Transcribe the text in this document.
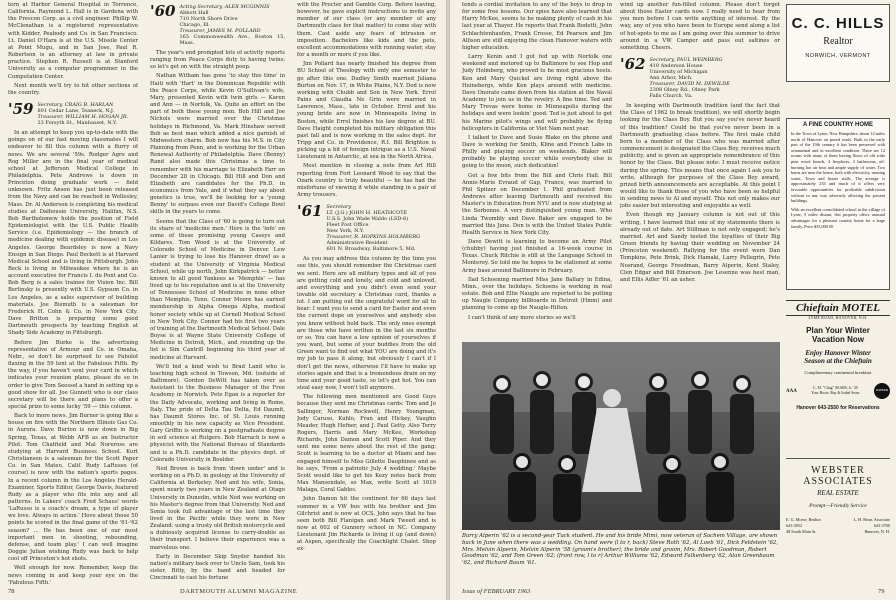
tern at Harbor General Hospital in Torrence, California. Raymond L. Hall is in Gardena with the Prescon Corp. as a civil engineer. Phillip W. McClenathan is a registered representative with Kidder, Peabody and Co. in San Francisco. Lt. Daniel O'Hara is at the U.S. Missile Center at Point Mugu, and in San Jose, Paul R. Robertson is an attorney at law in private practice. Stephen R. Russell is at Stanford University as a computer programmer in the Computation Center.

Next month we'll try to hit other sections of the country.

'59 Secretary, CRAIG B. HARLAN
801 Cedar Lane, Teaneck, N.J.
Treasurer, WILLIAM H. HOGAN JR.
23 Forsyth St., Manhasset, N.Y.

In an attempt to keep you up-to-date with the goings on of our fast moving classmates I will endeavor to fill this column with a flurry of news. We are several '59s. Rodger Agro and Rog Miller are in the final year of medical school at Jefferson Medical College in Philadelphia. Pete Andrews is down in Princeton doing graduate work — field unknown. Fritz Anson has just been released from the Navy and can be reached in Wellesley, Mass. Dr. Al Anderson is completing his medical studies at Dalhousie University, Halifax, N.S. Bob Bartholomew holds the position of Field Epidemiologist with the U.S. Public Health Service (i.e. Epidemiology — the branch of medicine dealing with epidemic disease) in Los Angeles. George Beardsley is now a Navy Ensign in San Diego. Paul Beckett is at Harvard Medical School and is living in Pittsburgh. John Beck is living in Milwaukee where he is an account executive for Francis I. du Pont and Co. Bob Berg is a sales trainee for Vision Inc. Bill Berlinsky is presently with U.S. Gypsum Co. in Los Angeles, as a sales supervisor of building materials. Joe Bismuth is a salesman for Frederick H. Cohn & Co. in New York City. Dave Britton is preparing some good Dartmouth prospects by teaching English at Shady Side Academy in Pittsburgh.

Before Jim Burke is the advertising representative of Armour and Co. in Omaha, Nebr., so don't be surprised to see Fabulof flaxing in the 59 tent at the Fabulous Fifth. By the way, if you haven't sent your card in which indicates your reunion plans, please do so in order to give Tom Seessel a hand in setting up a good show for all. Joe Gunnett who is our class secretary will be there and plans to offer a special prize to some lucky '59 — this column.

Back to more news. Jim Burner is going like a house on fire with the Northern Illinois Gas Co. in Aurora. Dave Burton is now down in Big Spring, Texas, at Webb AFB as an Instructor Pilot. Tom Chatfield and Mal Noreross are studying at Harvard Business School. Kurt Christiansen is a salesman for the Scott Paper Co. in San Mateo, Calif. Rudy LaRusso (of course) is now with the nation's sports pages. In a recent column in the Los Angeles Herald-Examiner, Sports Editor, George Davis, featured Rudy as a player who fits into any and all patterns. In Lakers' coach Fred Schaus' words 'LaRusso is a coach's dream, a type of player we love. Always in action.' Hove about those 50 points he scored in the final game of the '61-'62 season? ... He has been one of our most important men in shooting, rebounding, defense, and team play.' I can well imagine Doggie Julian wishing Rudy was back to help cool off Princeton's hot shots.

Well enough for now. Remember, keep the news coming in and keep your eye on the 'Fabulous Fifth.'

'60 Acting Secretary, ALEX MCGINNIS
Abbott Hall
710 North Shore Drive
Chicago, Ill.
Treasurer, JAMES M. POLLARD
165 Commonwealth Ave., Boston 15, Mass.

The year's end prompted lots of activity reports ranging from Peace Corps duty to having twins; so let's get on with the straight poop.

Nathan Witham has gone 'to stay this time' in Haiti with 'Hart' in the Dominican Republic with the Peace Corps, while Kevin O'Sullivan's wife, Mary, presented Kevin with twin girls — Karen and Ann — in Norfolk, Va. Quite an effort on the part of both these young men. Bob Hill and Joe Nichols were married over the Christmas holidays in Richmond, Va. Mark Hinshaw served Bob as best man which added a nice garnish of Midwestern charm. Bob now has his M.S. in City Planning from Penn, and is working for the Urban Renewal Authority of Philadelphia. Dave (Benny) Rand also made this Christmas a time to remember with his marriage to Elizabeth Farr on December 28 in Chicago. Bill Hill and Don and Elizabeth are candidates for the Ph.D. in economics from Yale, and if what they say about genetics is true, we'll be looking for a 'young Benny' to surpass even our David's College Bowl skills in the years to come.

Seems that the Class of '60 is going to turn out its share of 'medicine men.' Here is the 'info' on some of these promising young Caseys and Kildares. Tom Wood is at the University of Colorado School of Medicine in Denver. Lew Lanier is trying to lose his Hanover drawl as a student at the University of Virginia Medical School, while up north, John Kirkpatrick — better known to all good Yankees as 'Memphis' — has lived up to his reputation and is at the University of Tennessee School of Medicine in none other than Memphis, Tenn. Conner Moore has earned membership in Alpha Omega Alpha, medical honor society while up at Cornell Medical School in New York City. Conner had his first two years of training at the Dartmouth Medical School. Dale Boyse is at Wayne State University College of Medicine in Detroit, Mich., and rounding up the list is Sim Cantrill beginning his third year of medicine at Harvard.

We'll bid a kind wish to Brad Land who is teaching high school in Towson, Md. (outside of Baltimore). Gordon DeWitt has taken over as Assistant to the Business Manager of the Free Academy in Norwich. Pete Egan is a reporter for the Daily Advocate, working and living in Rome, Italy. The pride of Delta Tau Delta, Ed Daumit, has Daumit Stores Inc. of St. Louis running smoothly in his new capacity as Vice President. Gary Griffin is working on a postgraduate degree in soil science at Rutgers. Bob Harrach is now a physicist with the National Bureau of Standards and is a Ph.D. candidate in the physics dept. of Colorado University in Boulder.

Ned Brown is back from 'down under' and is working on a Ph.D. in geology at the University of California at Berkeley. Ned and his wife, Sonia, spent nearly two years in New Zealand at Otago University in Dunedin, while Ned was working on his Master's degree from that University. Ned and Sonia took full advantage of the last time they lived in the Pacific while they were in New Zealand: using a trusty old British motorcycle and a dubiously acquired license to carry-double as their transport. I believe their experience was a marvelous one.

Early in December Skip Snyder handed his nation's military back over to Uncle Sam, took his sister, Bitty, by the hand and headed for Cincinnati to cast his fortune

with the Procter and Gamble Corp. Before leaving, however, he gave explicit instructions to invite any member of our class (or any member of any Dartmouth class for that matter) to come stay with them. Cast aside any fears of intrusion or imposition. Bachelors like kids and the pets, excellent accommodations with running water, stay for a month or more if you like.

Jim Pollard has nearly finished his degree from BU School of Theology with only one semester to go after this one. Dudley Smith married Juliana Burton on Nov. 17, in White Plains, N.Y. Dod is now working with Chubb and Son in New York. Errol Pains and Claudia Ne Grin were married in Lawrence, Mass., late in October. Errol and his young bride are now in Minneapolis living in Boston, while Errol finishes his law degree at BU. Dave Haight completed his military obligation this past fall and is now working in the sales dept. for Tripp and Co. in Providence, R.I. Bill Brighton is picking up a bit of foreign intrigue as a U.S. Naval Lieutenant in Antarctic, at sea in the North Africa.

Most mention in closing a note from Art Hill reporting from Fort Leonard Wood to say that the Ozark country is truly beautiful — he has had the misfortune of viewing it while standing in a pair of Army trousers.

'61 Secretary
LT. (J.G.) JOHN H. HEATHCOTE
U.S.S. John Wade Waldo (LSD-6)
Fleet Post Office
New York, N.Y.
Treasurer, R. HOPKINS HOLMBERG
Administrative Resident
601 N. Broadway, Baltimore 5, Md.

As you may address this column by the time you see this, you should remember the Christmas card we sent. Here are all military types and all of you are getting cold and lonely, and cold and unloved, and everything and you didn't even send your lovable old secretary a Christmas card, thanks a lot. I am putting out the ungrateful word for all to hear: I want you to send a card for Easter and even the current dope on yourselves and anybody else you know without hold back. The only ones exempt are those who have written in the last six months or so. You can have a low opinion of yourselves if you want, but some of your buddies from the old Green want to find out what YOU are doing and it's my job to pass it along, but obviously I can't if I don't get the news, otherwise I'll have to make up stories again and that is a tremendous drain on my time and your good taste, so let's get hot. You can steal easy now, I won't tell anymore.

The following men mentioned are Good Guys because they sent me Christmas cards: Tom and Jo Sallinger, Norman Rockwell, Henry Youngman, Jody Caruso, Kuhlo, Fran and Hickey, Vaughn Meader, Hugh Hefner, and J. Paul Getty. Also Terry Rogers, Harris and Mary McKee, Workshop Richards, John Damon and Scott Piper. And they sent me some news about the rest of the gang: Scott is learning to be a doctor at Miami and has engaged himself to Miss Gillette Dauphinee and as he says, 'From a patriotic July 4 wedding.' Maybe Scott would like to get his Kezy notes back from Max Mansendale, so Max, write Scott at 1019 Malaga, Coral Gables.

John Damon hit the continent for 66 days last summer in a VW bus with his brother and Jim Gilchrist and is now at OCS. John says that he has seen both Bill Flanigan and Mark Tweed and is now at 602 of Gunnery school in NC. Company Lieutenant Jim Richards is living it up (and down) at Aspen, specifically the Coachlight Chalet. Shop ex-

78	DARTMOUTH ALUMNI MAGAZINE

tends a cordial invitation to any of the boys to drop in for some free lessons. Our spies have also learned that Harry McKee, seems to be making plenty of cash in his last year at Thayer. He reports that Frank Bodetti, John Schlachtenhaufen, Frank Crosse, Ed Pearson and Jim Allison are still enjoying the clean Hanover waters with higher education.

Larry Kenin and I got fed up with Norfolk one weekend and motored up to Baltimore to see Hop and Judy Holmberg, who proved to be most gracious hosts. Ken and Mary Quickel are living right above the Heinebergs, while Ken plays around with medicine. Dave Onorato came down from his station at the Naval Academy to join us in the revelry. A fine time. Ted and Mary Trevas were home in Minneapolis during the holidays and were lookin' good. Ted is just about to get his Marine pilot's wings and will probably be flying helicopters in California or Viet Nam next year.

I talked to Dave and Susie Blake on the phone and Dave is working for Smith, Kline and French Labs in Philly and playing soccer on weekends. Blaker will probably be playing soccer while everybody else is going to the moon, such dedication!

Got a few bits from the Bill and Chris Hall. Bill Annie-Marie Evraud of Gap, France, was married to Phil Spitzer on December 1. Phil graduated from Andrews after leaving Dartmouth and received his Master's in Education from NYU and is now studying at the Sorbonne. A very distinguished young man. Who Linda Twombly and Dave Baker are engaged to be married this June. Don is with the United States Public Health Service in New York City.

Dave Dewitt is learning to become an Army Pilot (chubby) having just finished a 16-week course in Texas. Chuck Ritchie is still at the Language School in Monterey. So told me he hopes to be stationed at some Army base around Baltimore in February.

Ilad Schoening married Miss Jane Ballary in Edina, Minn., over the holidays. Schoens is working in real estate. Bob and Ellie Naugle are reported to be putting up Naugle Company billboards in Detroit (Hmm) and planning to come up the Naugle-Hilton.

I can't think of any more stories so we'll

wind up another fun-filled column. Please don't forget about those Easter cards now. I really need to hear from you men before I can write anything of interest. By the way, any of you who have been to Europe send along a list of hot-spots to me as I am going over this summer to drive around in a VW Camper and pass out saltines or something. Cheers.

'62 Secretary, PAUL WEINBERG
410 Anderson House
University of Michigan
Ann Arbor, Mich.
Treasurer, DAVID M. DEWILDE
2308 Olney Rd., Olney Park
Falls Church, Va.

In keeping with Dartmouth tradition (and the fact that the Class of 1962 to break tradition), we will shortly begin looking for the Class Boy. But you say you've never heard of this tradition? Could be that you've never been in a Dartmouth graduating class before. The first male child born to a member of the Class who was married after commencement is designated the Class Boy, receives much publicity, and is given an appropriate remembrance of this honor by the Class. But please note: I must receive notice during the spring. This means that once again I ask you to write, although for purposes of the Class Boy award, prized birth announcements are acceptable. At this point I would like to thank those of you who have been so helpful in sending news to Al and myself. This not only makes our jobs easier but interesting and enjoyable as well.

Even though my January column is not out of this writing, I have learned that one of my statements there is already out of date. Art Stillman is not only engaged; he's married. Art and Sandy tested the loyalties of their Big Green friends by having their wedding on November 24 (Princeton weekend). Rallying for the event were Dan Tompkins, Pete Brink, Dick Hamaki, Larry Pellegrin, Pete Nosrand, George Freedman, Barry Alperin, Kent Staley, Clen Edgar and Bill Emerson. Joe Lesenne was best man, and Ellis Adler '61 an usher.

Barry Alperin '62 is a second-year Tuck student. He and his bride Mimi, now veteran of Sachem Village, are shown back in June when there was a wedding. On hand were (l to r, back) Steve Roth '62, Al Loeb '61, Dick Feldstein '62, Mrs. Melvin Alperin, Melvin Alperin '58 (groom's brother), the bride and groom, Mrs. Robert Goodman, Robert Goodman '62, and Tom Green '62; (front row, l to r) Arthur Williams '62, Edward Falkenberg '62, Alan Greenbaum '62, and Richard Baum '61.
C. C. HILLS
Realtor
NORWICH, VERMONT
A FINE COUNTRY HOME
In the Town of Lyme, New Hampshire, about 12 miles north of Hanover on paved roads. Built in the early part of the 19th century it has been preserved with ornamental and in excellent condition. There are 12 rooms with many of them having floors of old wide pine wood boards, 4 fireplaces, 3 bathrooms, oil-burning hot air heat and ample supply of water. Two barns are near the house, both with electricity, running water, Town and house stalls. The acreage is approximately 235 and much of it offers very favorable opportunities for profitable subdivision without in any way adversely affecting the present buildings.
With an excellent consolidated school in the village of Lyme, 5 miles distant, this property offers unusual advantages for a pleasant country home for a large family. Price $35,000.00
Chieftain MOTEL
LYME ROAD, HANOVER, N.H.
Plan Your Winter
Vacation Now
Enjoy Hanover Winter
Season at the Chieftain
Complimentary continental breakfast
AAA
C. M. "Chug" SEARS, Jr. '39
Your Hosts: Ray & Isabel Sears
SUPERIOR
Hanover 643-2550 for Reservations
WEBSTER
ASSOCIATES
REAL ESTATE
Prompt—Friendly Service
E. G. Morse, Realtor
643-3052
48 South Main St.
L. H. Bean, Associate
643-3700
Hanover, N. H.
Issue of FEBRUARY 1963	79
